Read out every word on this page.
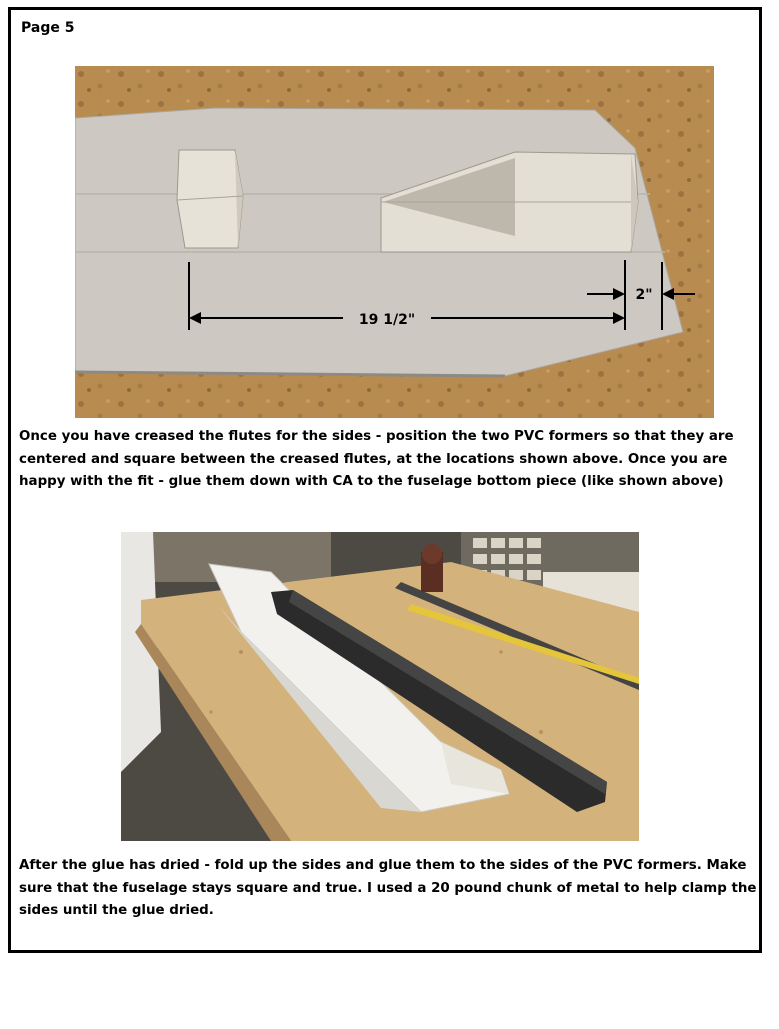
Page 5
19 1/2"
2"

Once you have creased the flutes for the sides - position the two PVC formers so that they are centered and square between the creased flutes, at the locations shown above. Once you are happy with the fit - glue them down with CA to the fuselage bottom piece (like shown above)

After the glue has dried - fold up the sides and glue them to the sides of the PVC formers. Make sure that the fuselage stays square and true. I used a 20 pound chunk of metal to help clamp the sides until the glue dried.
